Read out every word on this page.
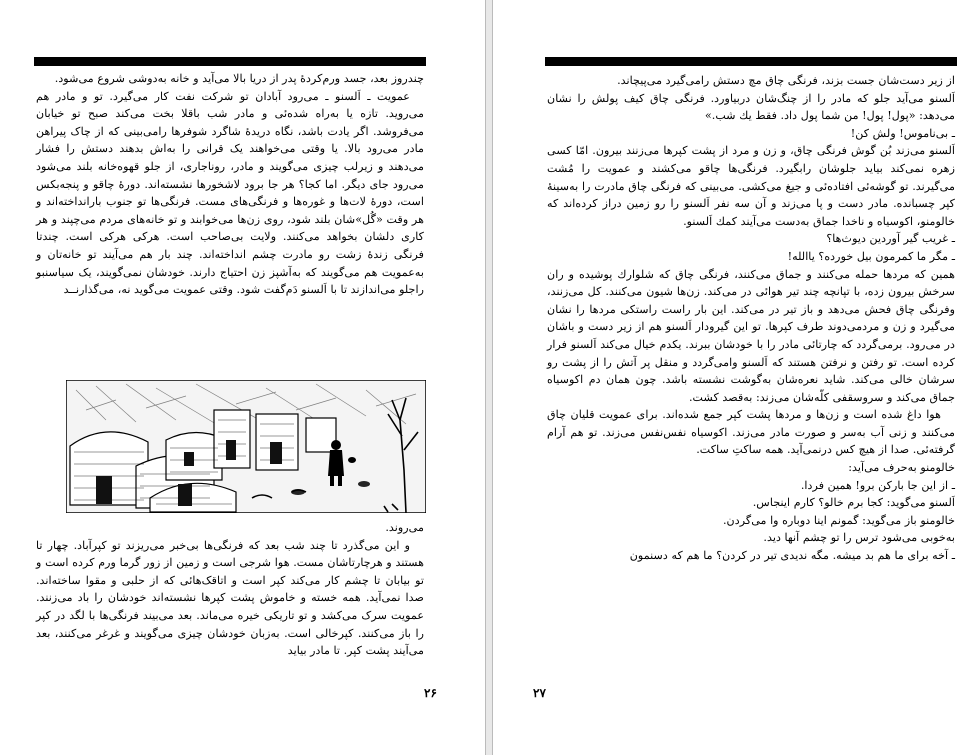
چندروز بعد، جسد ورم‌کردهٔ پدر از دریا بالا می‌آید و خانه به‌دوشی شروع می‌شود.

عمویت ـ اَلسنو ـ می‌رود آبادان تو شرکت نفت کار می‌گیرد. تو و مادر هم می‌روید. تازه یا به‌راه شده‌ئی و مادر شب باقلا بخت می‌کند صبح تو خیابان می‌فروشد. اگر یادت باشد، نگاه دریدهٔ شاگرد شوفرها رامی‌بینی که از چاک پیراهن مادر می‌رود بالا. یا وقتی می‌خواهند یک قرانی را به‌اش بدهند دستش را فشار می‌دهند و زیرلب چیزی می‌گویند و مادر، روناجاری، از جلو قهوه‌خانه بلند می‌شود می‌رود جای دیگر. اما کجا؟ هر جا برود لاشخورها نشسته‌اند. دورهٔ چاقو و پنجه‌بکس است، دورهٔ لات‌ها و غوره‌ها و فرنگی‌های مست. فرنگی‌ها تو جنوب بارانداخته‌اند و هر وقت «گُل»شان بلند شود، روی زن‌ها می‌خوابند و تو خانه‌های مردم می‌چپند و هر کاری دلشان بخواهد می‌کنند. ولایت بی‌صاحب است. هرکی هرکی است. چندتا فرنگی زندهٔ زشت رو مادرت چشم انداخته‌اند. چند بار هم می‌آیند تو خانه‌تان و به‌عمویت هم می‌گویند که به‌آشپز زن احتیاج دارند. خودشان نمی‌گویند، یک سیاسنبو راجلو می‌اندازند تا با اَلسنو دَم‌گفت شود. وقتی عمویت می‌گوید نه، می‌گذارنــد

می‌روند.

و این می‌گذرد تا چند شب بعد که فرنگی‌ها بی‌خبر می‌ریزند تو کپرآباد. چهار تا هستند و هرچارتاشان مست. هوا شرجی است و زمین از زور گرما ورم کرده است و تو بیابان تا چشم کار می‌کند کپر است و اتاقک‌هائی که از حلبی و مقوا ساخته‌اند. صدا نمی‌آید. همه خسته و خاموش پشت کپرها نشسته‌اند خودشان را باد می‌زنند. عمویت سرک می‌کشد و تو تاریکی خیره می‌ماند. بعد می‌بیند فرنگی‌ها با لگد در کپر را باز می‌کنند. کپرخالی است. به‌زبان خودشان چیزی می‌گویند و غرغر می‌کنند، بعد می‌آیند پشت کپر. تا مادر بیاید

۲۶

از زیر دست‌شان جست بزند، فرنگی چاق مچ دستش رامی‌گیرد می‌پیچاند.

اَلسنو می‌آید جلو که مادر را از چنگ‌شان دربیاورد. فرنگی چاق کیف پولش را نشان می‌دهد: «پول! پول! من شما پول داد. فقط یك شب.»

ـ بی‌ناموس! ولش کن!

اَلسنو می‌زند بُن گوش فرنگی چاق، و زن و مرد از پشت کپرها می‌زنند بیرون. امّا کسی زهره نمی‌کند بیاید جلوشان رابگیرد. فرنگی‌ها چاقو می‌کشند و عمویت را مُشت می‌گیرند. تو گوشه‌ئی افتاده‌ئی و جیغ می‌کشی. می‌بینی که فرنگی چاق مادرت را به‌سینهٔ کپر چسبانده. مادر دست و پا می‌زند و آن سه نفر اَلسنو را رو زمین دراز کرده‌اند که خالومنو، اکوسیاه و ناخدا جماق به‌دست می‌آیند کمك اَلسنو.

ـ غریب گیر آوردین دیوث‌ها؟

ـ مگر ما کمرمون بیل خورده؟ یاالله!

همین که مردها حمله می‌کنند و جماق می‌کنند، فرنگی چاق که شلوارك پوشیده و ران سرخش بیرون زده، با تپانچه چند تیر هوائی در می‌کند. زن‌ها شیون می‌کنند. کل می‌زنند، وفرنگی چاق فحش می‌دهد و باز تیر در می‌کند. این بار راست راستکی مردها را نشان می‌گیرد و زن و مردمی‌دوند طرف کپرها. تو این گیرودار اَلسنو هم از زیر دست و باشان در می‌رود. برمی‌گردد که چارتائی مادر را با خودشان ببرند. یکدم خیال می‌کند اَلسنو فرار کرده است. تو رفتن و نرفتن هستند که اَلسنو وامی‌گردد و منقل پر آتش را از پشت رو سرشان خالی می‌کند. شاید نعره‌شان به‌گوشت نشسته باشد. چون همان دم اکوسیاه جماق می‌کند و سروسقفی کلّه‌شان می‌زند: به‌قصد کشت.

هوا داغ شده است و زن‌ها و مردها پشت کپر جمع شده‌اند. برای عمویت قلیان چاق می‌کنند و زنی آب به‌سر و صورت مادر می‌زند. اکوسیاه نفس‌نفس می‌زند. تو هم آرام گرفته‌ئی. صدا از هیچ کس درنمی‌آید. همه ساکتِ ساکت.

خالومنو به‌حرف می‌آید:

ـ از این جا بارکن برو! همین فردا.

اَلسنو می‌گوید: کجا برم خالو؟ کارم اینجاس.

خالومنو باز می‌گوید: گمونم اینا دوباره وا می‌گردن.

به‌خوبی می‌شود ترس را تو چشم آنها دید.

ـ آخه برای ما هم بد میشه. مگه ندیدی تیر در کردن؟ ما هم که دسنمون

۲۷
